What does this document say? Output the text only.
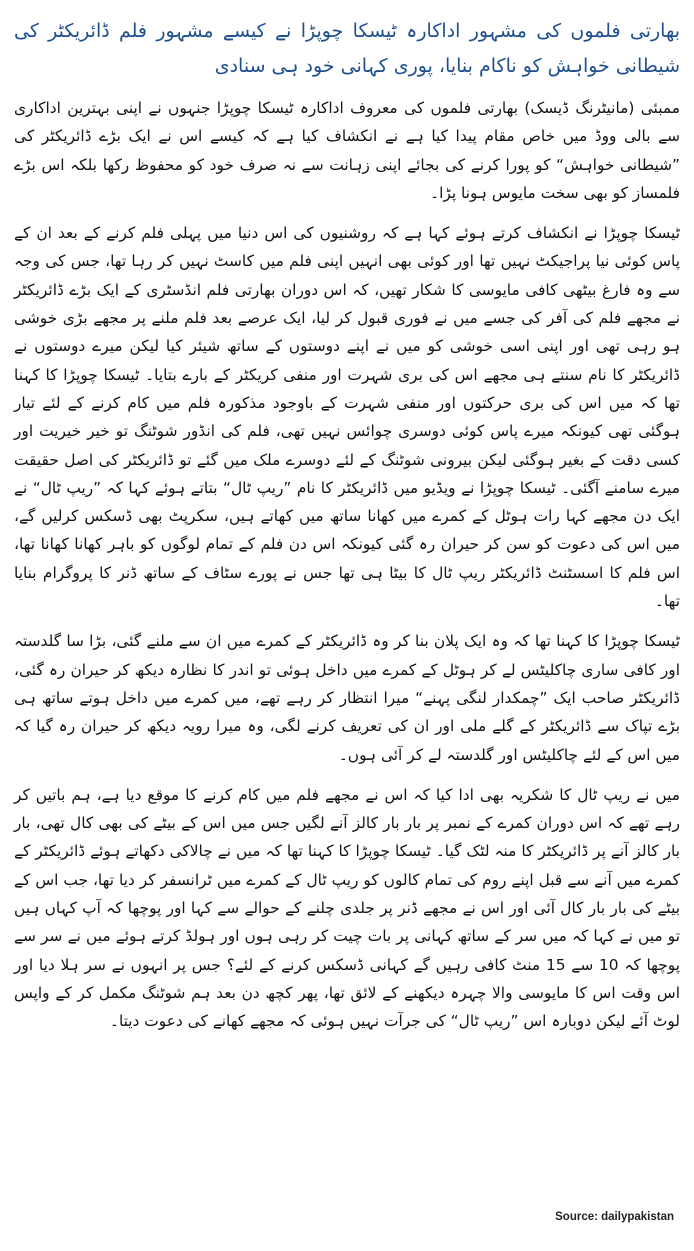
بھارتی فلموں کی مشہور اداکارہ ٹیسکا چوپڑا نے کیسے مشہور فلم ڈائریکٹر کی شیطانی خواہش کو ناکام بنایا، پوری کہانی خود ہی سنادی

ممبئی (مانیٹرنگ ڈیسک) بھارتی فلموں کی معروف اداکارہ ٹیسکا چوپڑا جنہوں نے اپنی بہترین اداکاری سے بالی ووڈ میں خاص مقام پیدا کیا ہے نے انکشاف کیا ہے کہ کیسے اس نے ایک بڑے ڈائریکٹر کی ”شیطانی خواہش“ کو پورا کرنے کی بجائے اپنی زہانت سے نہ صرف خود کو محفوظ رکھا بلکہ اس بڑے فلمساز کو بھی سخت مایوس ہونا پڑا۔

ٹیسکا چوپڑا نے انکشاف کرتے ہوئے کہا ہے کہ روشنیوں کی اس دنیا میں پہلی فلم کرنے کے بعد ان کے پاس کوئی نیا پراجیکٹ نہیں تھا اور کوئی بھی انہیں اپنی فلم میں کاسٹ نہیں کر رہا تھا، جس کی وجہ سے وہ فارغ بیٹھی کافی مایوسی کا شکار تھیں، کہ اس دوران بھارتی فلم انڈسٹری کے ایک بڑے ڈائریکٹر نے مجھے فلم کی آفر کی جسے میں نے فوری قبول کر لیا، ایک عرصے بعد فلم ملنے پر مجھے بڑی خوشی ہو رہی تھی اور اپنی اسی خوشی کو میں نے اپنے دوستوں کے ساتھ شیئر کیا لیکن میرے دوستوں نے ڈائریکٹر کا نام سنتے ہی مجھے اس کی بری شہرت اور منفی کریکٹر کے بارے بتایا۔ ٹیسکا چوپڑا کا کہنا تھا کہ میں اس کی بری حرکتوں اور منفی شہرت کے باوجود مذکورہ فلم میں کام کرنے کے لئے تیار ہوگئی تھی کیونکہ میرے پاس کوئی دوسری چوائس نہیں تھی، فلم کی انڈور شوٹنگ تو خیر خیریت اور کسی دقت کے بغیر ہوگئی لیکن بیرونی شوٹنگ کے لئے دوسرے ملک میں گئے تو ڈائریکٹر کی اصل حقیقت میرے سامنے آگئی۔ ٹیسکا چوپڑا نے ویڈیو میں ڈائریکٹر کا نام ”ریپ ٹال“ بتاتے ہوئے کہا کہ ”ریپ ٹال“ نے ایک دن مجھے کہا رات ہوٹل کے کمرے میں کھانا ساتھ میں کھاتے ہیں، سکرپٹ بھی ڈسکس کرلیں گے، میں اس کی دعوت کو سن کر حیران رہ گئی کیونکہ اس دن فلم کے تمام لوگوں کو باہر کھانا کھانا تھا، اس فلم کا اسسٹنٹ ڈائریکٹر ریپ ٹال کا بیٹا ہی تھا جس نے پورے سٹاف کے ساتھ ڈنر کا پروگرام بنایا تھا۔

ٹیسکا چوپڑا کا کہنا تھا کہ وہ ایک پلان بنا کر وہ ڈائریکٹر کے کمرے میں ان سے ملنے گئی، بڑا سا گلدستہ اور کافی ساری چاکلیٹس لے کر ہوٹل کے کمرے میں داخل ہوئی تو اندر کا نظارہ دیکھ کر حیران رہ گئی، ڈائریکٹر صاحب ایک ”چمکدار لنگی پہنے“ میرا انتظار کر رہے تھے، میں کمرے میں داخل ہوتے ساتھ ہی بڑے تپاک سے ڈائریکٹر کے گلے ملی اور ان کی تعریف کرنے لگی، وہ میرا رویہ دیکھ کر حیران رہ گیا کہ میں اس کے لئے چاکلیٹس اور گلدستہ لے کر آئی ہوں۔

میں نے ریپ ٹال کا شکریہ بھی ادا کیا کہ اس نے مجھے فلم میں کام کرنے کا موقع دیا ہے، ہم باتیں کر رہے تھے کہ اس دوران کمرے کے نمبر پر بار بار کالز آنے لگیں جس میں اس کے بیٹے کی بھی کال تھی، بار بار کالز آنے پر ڈائریکٹر کا منہ لٹک گیا۔ ٹیسکا چوپڑا کا کہنا تھا کہ میں نے چالاکی دکھاتے ہوئے ڈائریکٹر کے کمرے میں آنے سے قبل اپنے روم کی تمام کالوں کو ریپ ٹال کے کمرے میں ٹرانسفر کر دیا تھا، جب اس کے بیٹے کی بار بار کال آئی اور اس نے مجھے ڈنر پر جلدی چلنے کے حوالے سے کہا اور پوچھا کہ آپ کہاں ہیں تو میں نے کہا کہ میں سر کے ساتھ کہانی پر بات چیت کر رہی ہوں اور ہولڈ کرتے ہوئے میں نے سر سے پوچھا کہ 10 سے 15 منٹ کافی رہیں گے کہانی ڈسکس کرنے کے لئے؟ جس پر انہوں نے سر ہلا دیا اور اس وقت اس کا مایوسی والا چہرہ دیکھنے کے لائق تھا، پھر کچھ دن بعد ہم شوٹنگ مکمل کر کے واپس لوٹ آئے لیکن دوبارہ اس ”ریپ ٹال“ کی جرآت نہیں ہوئی کہ مجھے کھانے کی دعوت دیتا۔

Source: dailypakistan
